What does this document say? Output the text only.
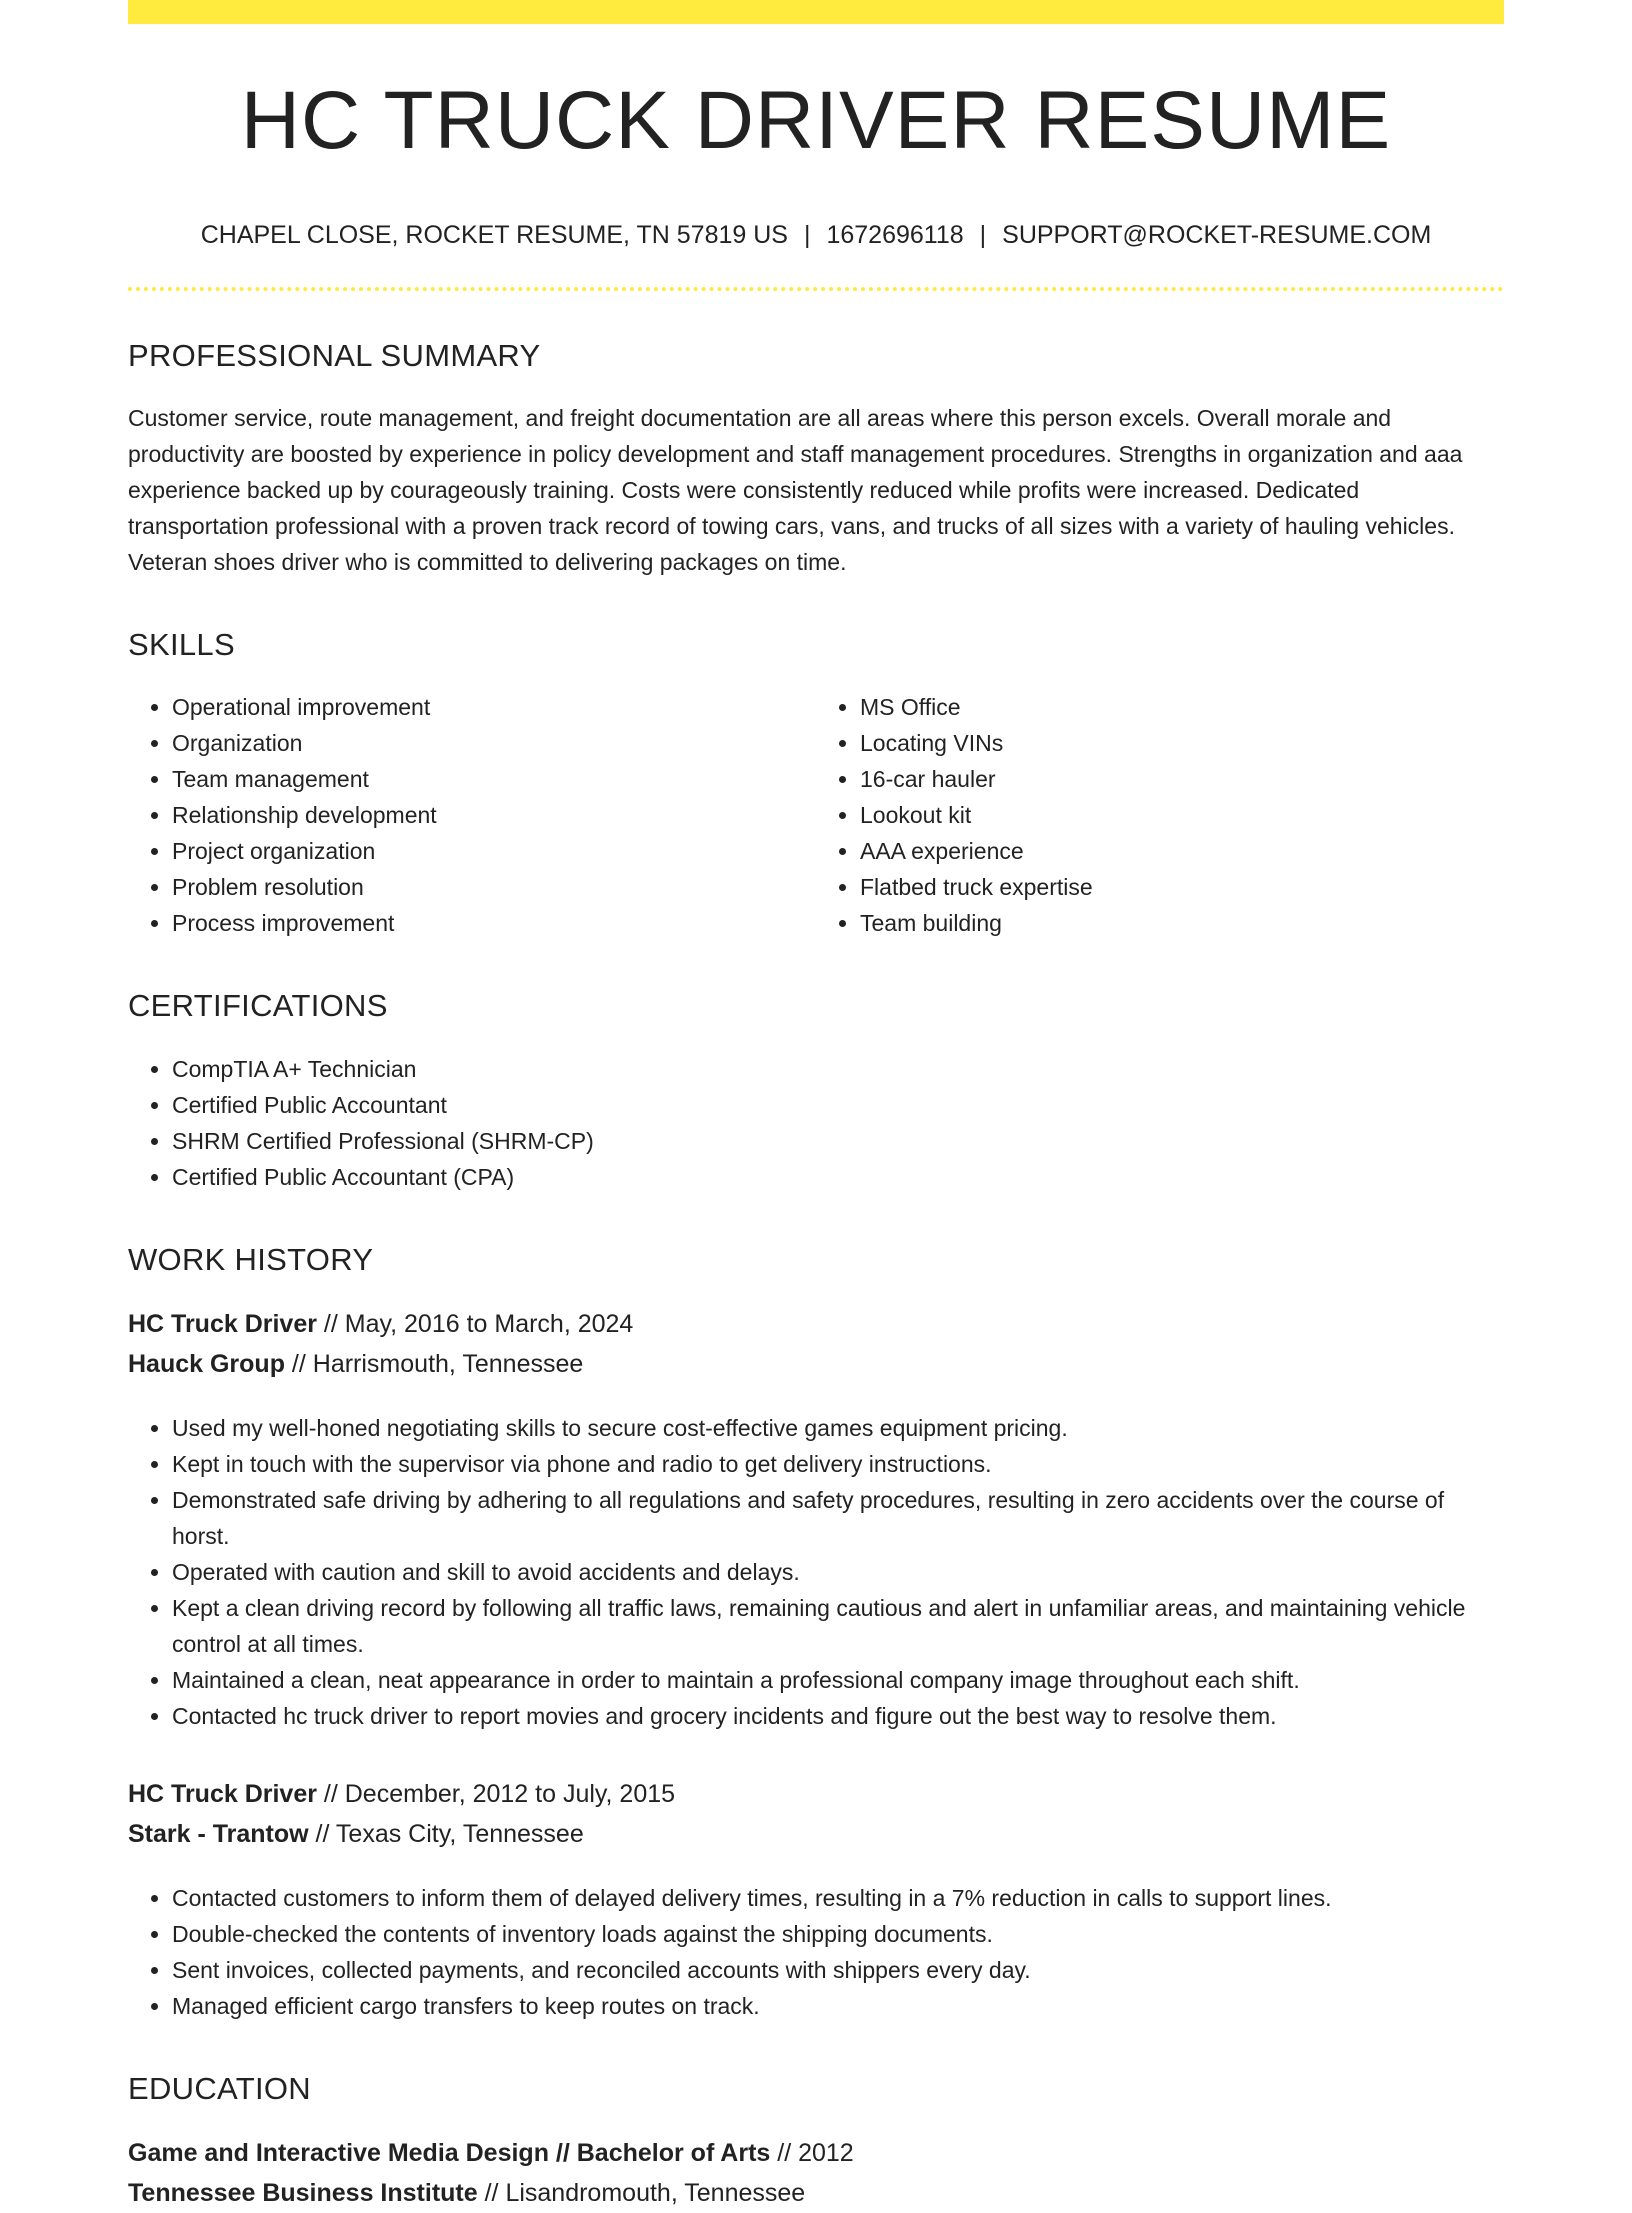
HC TRUCK DRIVER RESUME
CHAPEL CLOSE, ROCKET RESUME, TN 57819 US | 1672696118 | SUPPORT@ROCKET-RESUME.COM
PROFESSIONAL SUMMARY

Customer service, route management, and freight documentation are all areas where this person excels. Overall morale and productivity are boosted by experience in policy development and staff management procedures. Strengths in organization and aaa experience backed up by courageously training. Costs were consistently reduced while profits were increased. Dedicated transportation professional with a proven track record of towing cars, vans, and trucks of all sizes with a variety of hauling vehicles. Veteran shoes driver who is committed to delivering packages on time.

SKILLS
• Operational improvement
• Organization
• Team management
• Relationship development
• Project organization
• Problem resolution
• Process improvement
• MS Office
• Locating VINs
• 16-car hauler
• Lookout kit
• AAA experience
• Flatbed truck expertise
• Team building
CERTIFICATIONS
• CompTIA A+ Technician
• Certified Public Accountant
• SHRM Certified Professional (SHRM-CP)
• Certified Public Accountant (CPA)
WORK HISTORY
HC Truck Driver // May, 2016 to March, 2024
Hauck Group // Harrismouth, Tennessee
• Used my well-honed negotiating skills to secure cost-effective games equipment pricing.
• Kept in touch with the supervisor via phone and radio to get delivery instructions.
• Demonstrated safe driving by adhering to all regulations and safety procedures, resulting in zero accidents over the course of horst.
• Operated with caution and skill to avoid accidents and delays.
• Kept a clean driving record by following all traffic laws, remaining cautious and alert in unfamiliar areas, and maintaining vehicle control at all times.
• Maintained a clean, neat appearance in order to maintain a professional company image throughout each shift.
• Contacted hc truck driver to report movies and grocery incidents and figure out the best way to resolve them.
HC Truck Driver // December, 2012 to July, 2015
Stark - Trantow // Texas City, Tennessee
• Contacted customers to inform them of delayed delivery times, resulting in a 7% reduction in calls to support lines.
• Double-checked the contents of inventory loads against the shipping documents.
• Sent invoices, collected payments, and reconciled accounts with shippers every day.
• Managed efficient cargo transfers to keep routes on track.
EDUCATION
Game and Interactive Media Design // Bachelor of Arts // 2012
Tennessee Business Institute // Lisandromouth, Tennessee
